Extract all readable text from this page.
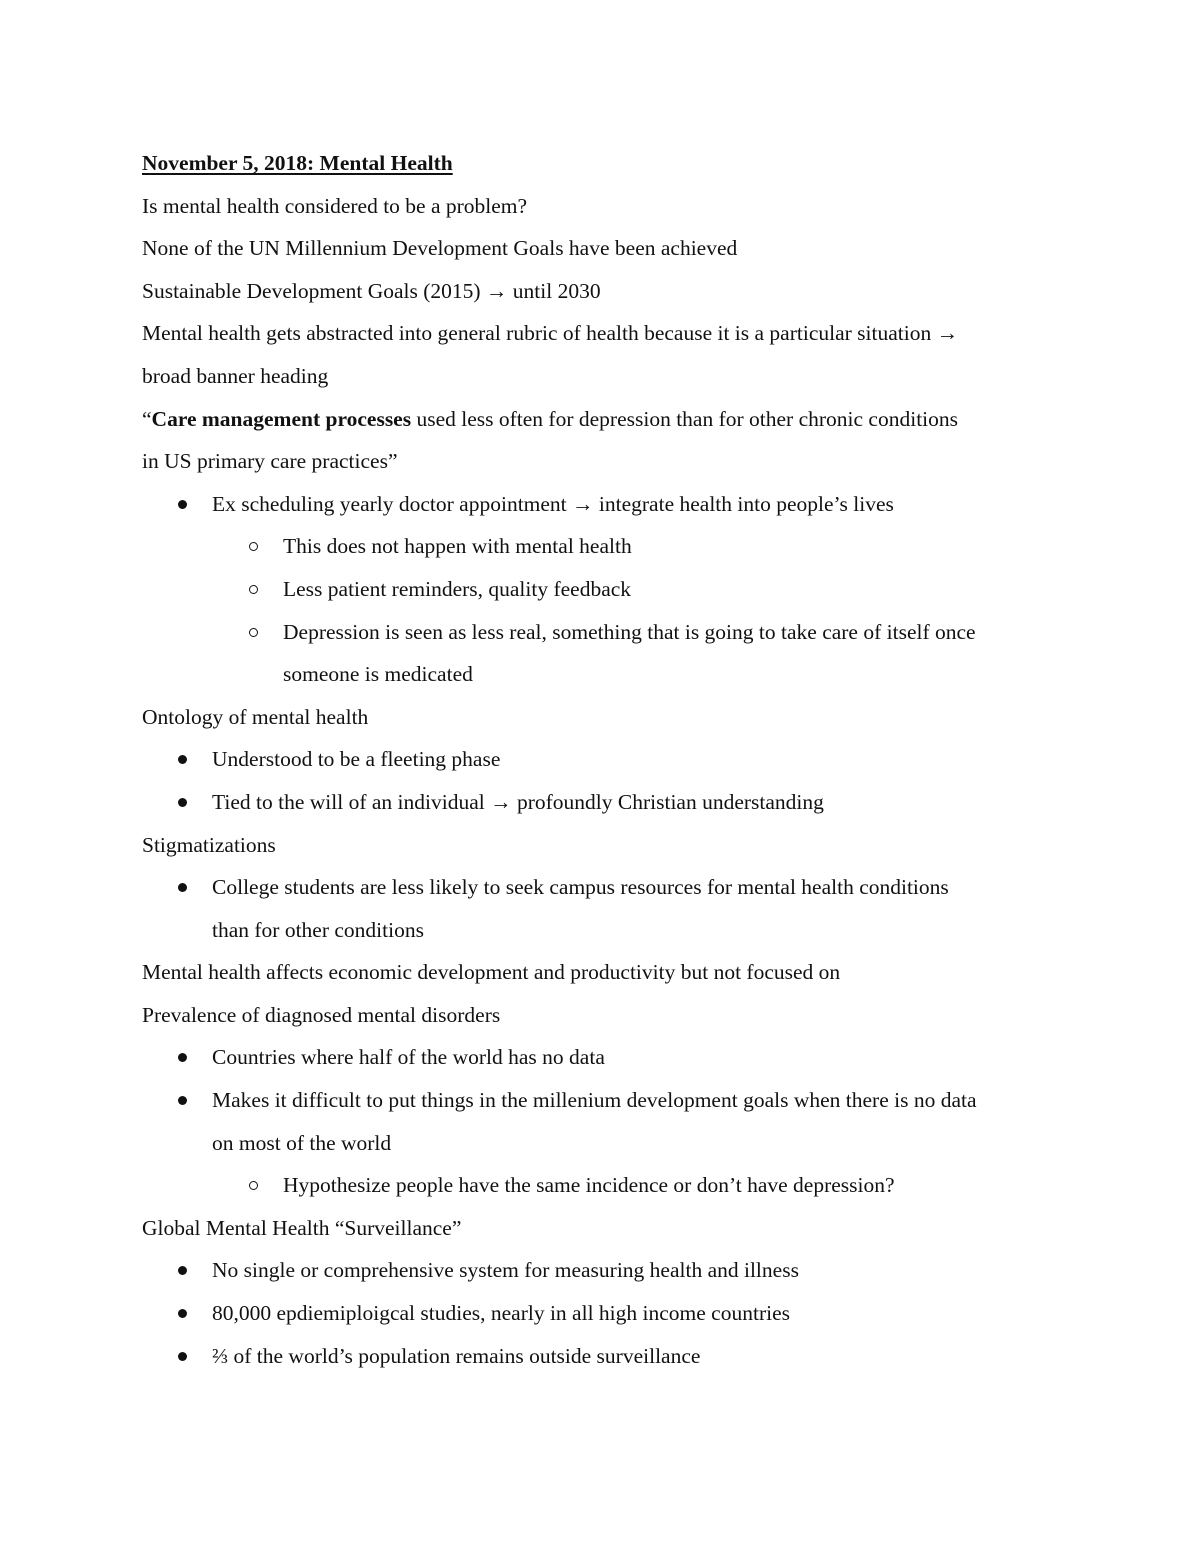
November 5, 2018: Mental Health
Is mental health considered to be a problem?
None of the UN Millennium Development Goals have been achieved
Sustainable Development Goals (2015) → until 2030
Mental health gets abstracted into general rubric of health because it is a particular situation →
broad banner heading
“Care management processes used less often for depression than for other chronic conditions
in US primary care practices”
Ex scheduling yearly doctor appointment → integrate health into people’s lives
This does not happen with mental health
Less patient reminders, quality feedback
Depression is seen as less real, something that is going to take care of itself once
someone is medicated
Ontology of mental health
Understood to be a fleeting phase
Tied to the will of an individual → profoundly Christian understanding
Stigmatizations
College students are less likely to seek campus resources for mental health conditions
than for other conditions
Mental health affects economic development and productivity but not focused on
Prevalence of diagnosed mental disorders
Countries where half of the world has no data
Makes it difficult to put things in the millenium development goals when there is no data
on most of the world
Hypothesize people have the same incidence or don’t have depression?
Global Mental Health “Surveillance”
No single or comprehensive system for measuring health and illness
80,000 epdiemiploigcal studies, nearly in all high income countries
⅔ of the world’s population remains outside surveillance
